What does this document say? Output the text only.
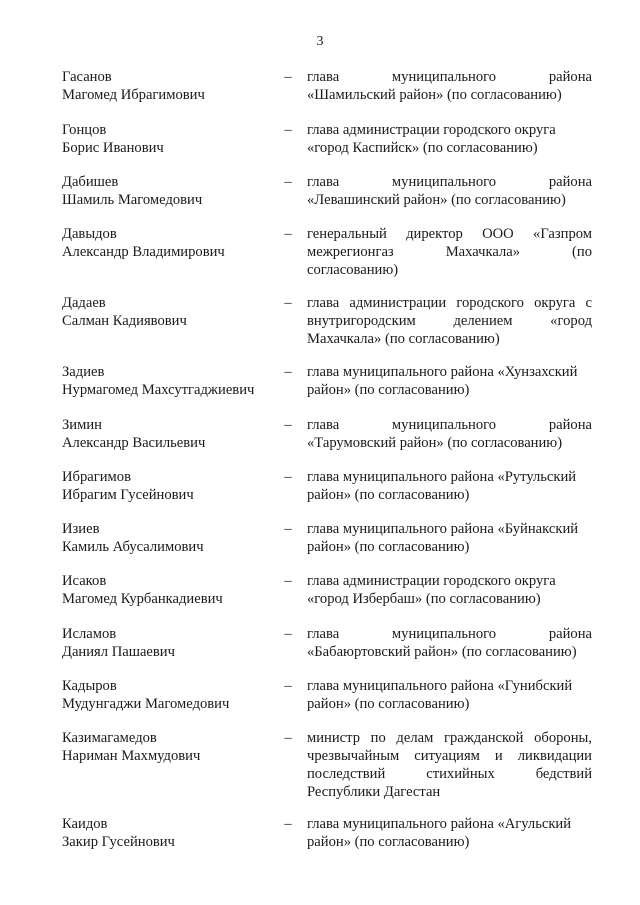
3
Гасанов
Магомед Ибрагимович
– глава муниципального района
«Шамильский район» (по согласованию)
Гонцов
Борис Иванович
– глава администрации городского округа
«город Каспийск» (по согласованию)
Дабишев
Шамиль Магомедович
– глава муниципального района
«Левашинский район» (по согласованию)
Давыдов
Александр Владимирович
– генеральный директор ООО «Газпром
межрегионгаз Махачкала» (по
согласованию)
Дадаев
Салман Кадиявович
– глава администрации городского округа с
внутригородским делением «город
Махачкала» (по согласованию)
Задиев
Нурмагомед Махсутгаджиевич
– глава муниципального района «Хунзахский
район» (по согласованию)
Зимин
Александр Васильевич
– глава муниципального района
«Тарумовский район» (по согласованию)
Ибрагимов
Ибрагим Гусейнович
– глава муниципального района «Рутульский
район» (по согласованию)
Изиев
Камиль Абусалимович
– глава муниципального района «Буйнакский
район» (по согласованию)
Исаков
Магомед Курбанкадиевич
– глава администрации городского округа
«город Избербаш» (по согласованию)
Исламов
Даниял Пашаевич
– глава муниципального района
«Бабаюртовский район» (по согласованию)
Кадыров
Мудунгаджи Магомедович
– глава муниципального района «Гунибский
район» (по согласованию)
Казимагамедов
Нариман Махмудович
– министр по делам гражданской обороны,
чрезвычайным ситуациям и ликвидации
последствий стихийных бедствий
Республики Дагестан
Каидов
Закир Гусейнович
– глава муниципального района «Агульский
район» (по согласованию)
